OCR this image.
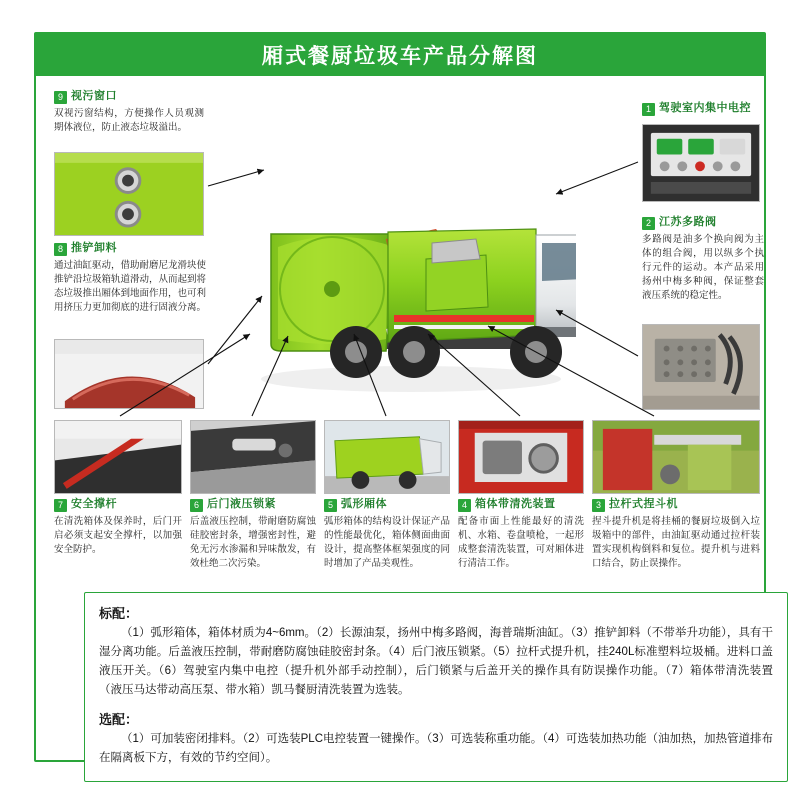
厢式餐厨垃圾车产品分解图
9 视污窗口
双视污窗结构，方便操作人员观测期体液位，防止液态垃圾溢出。
8 推铲卸料
通过油缸驱动，借助耐磨尼龙滑块使推铲沿垃圾箱轨道滑动，从而起到将态垃圾推出厢体到地面作用，也可利用挤压力更加彻底的进行固液分离。
1 驾驶室内集中电控
2 江苏多路阀
多路阀是油多个换向阀为主体的组合阀，用以纵多个执行元件的运动。本产品采用扬州中梅多种阀，保证整套液压系统的稳定性。
7 安全撑杆
在清洗箱体及保养时，后门开启必须支起安全撑杆，以加强安全防护。
6 后门液压锁紧
后盖液压控制，带耐磨防腐蚀硅胶密封条，增强密封性，避免无污水渗漏和异味散发，有效杜绝二次污染。
5 弧形厢体
弧形箱体的结构设计保证产品的性能最优化，箱体侧面曲面设计，提高整体框架强度的同时增加了产品美观性。
4 箱体带清洗装置
配备市面上性能最好的清洗机、水箱、卷盘喷枪，一起形成整套清洗装置，可对厢体进行清洁工作。
3 拉杆式捏斗机
捏斗提升机是将挂桶的餐厨垃圾倒入垃圾箱中的部件，由油缸驱动通过拉杆装置实现机构倒料和复位。提升机与进料口结合，防止误操作。
标配：
（1）弧形箱体，箱体材质为4~6mm。（2）长源油泵，扬州中梅多路阀，海普瑞斯油缸。（3）推铲卸料（不带举升功能），具有干湿分离功能。后盖液压控制，带耐磨防腐蚀硅胶密封条。（4）后门液压锁紧。（5）拉杆式提升机，挂240L标准塑料垃圾桶。进料口盖液压开关。（6）驾驶室内集中电控（提升机外部手动控制），后门锁紧与后盖开关的操作具有防误操作功能。（7）箱体带清洗装置（液压马达带动高压泵、带水箱）凯马餐厨清洗装置为选装。
选配：
（1）可加装密闭排料。（2）可选装PLC电控装置一键操作。（3）可选装称重功能。（4）可选装加热功能（油加热，加热管道排布在隔离板下方，有效的节约空间）。
